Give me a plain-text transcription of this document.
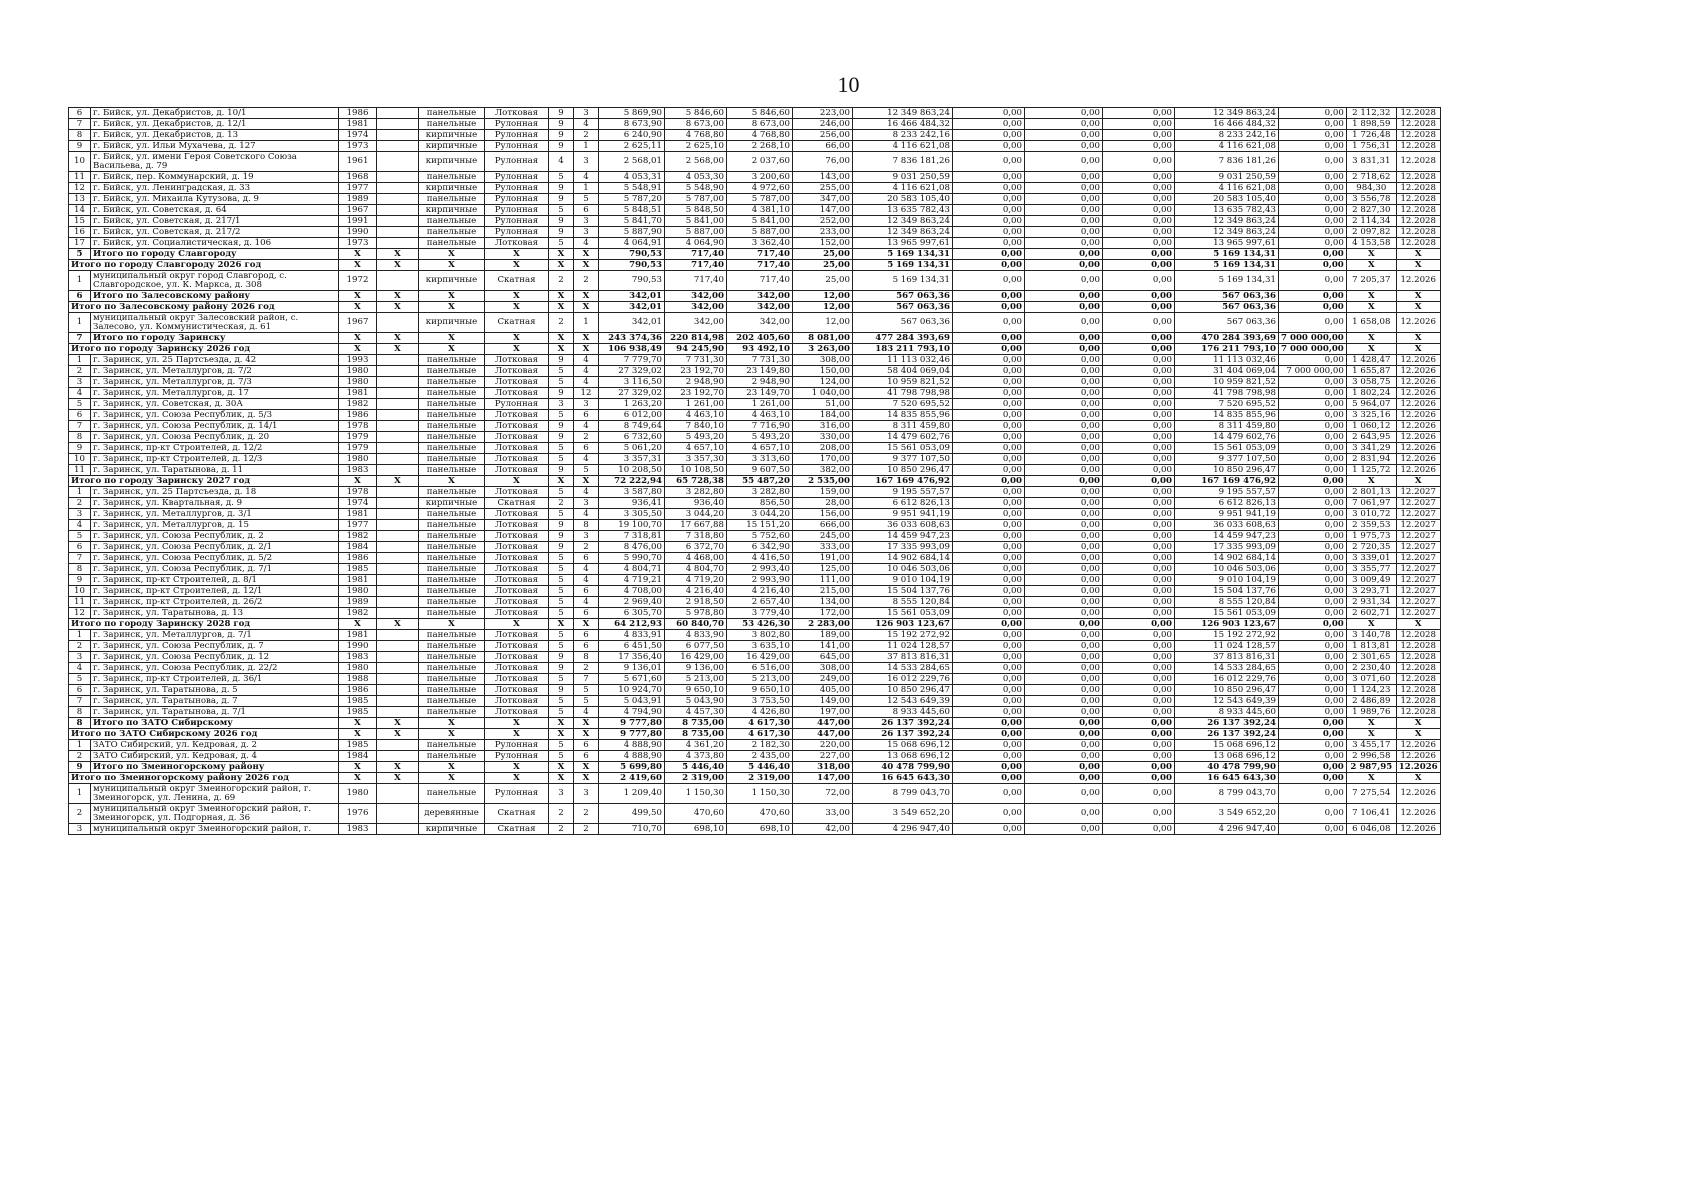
10
6	г. Бийск, ул. Декабристов, д. 10/1	1986		панельные	Лотковая	9	3	5 869,90	5 846,60	5 846,60	223,00	12 349 863,24	0,00	0,00	0,00	12 349 863,24	0,00	2 112,32	12.2028
7	г. Бийск, ул. Декабристов, д. 12/1	1981		панельные	Рулонная	9	4	8 673,90	8 673,00	8 673,00	246,00	16 466 484,32	0,00	0,00	0,00	16 466 484,32	0,00	1 898,59	12.2028
8	г. Бийск, ул. Декабристов, д. 13	1974		кирпичные	Рулонная	9	2	6 240,90	4 768,80	4 768,80	256,00	8 233 242,16	0,00	0,00	0,00	8 233 242,16	0,00	1 726,48	12.2028
9	г. Бийск, ул. Ильи Мухачева, д. 127	1973		кирпичные	Рулонная	9	1	2 625,11	2 625,10	2 268,10	66,00	4 116 621,08	0,00	0,00	0,00	4 116 621,08	0,00	1 756,31	12.2028
10	г. Бийск, ул. имени Героя Советского Союза Васильева, д. 79	1961		кирпичные	Рулонная	4	3	2 568,01	2 568,00	2 037,60	76,00	7 836 181,26	0,00	0,00	0,00	7 836 181,26	0,00	3 831,31	12.2028
11	г. Бийск, пер. Коммунарский, д. 19	1968		панельные	Рулонная	5	4	4 053,31	4 053,30	3 200,60	143,00	9 031 250,59	0,00	0,00	0,00	9 031 250,59	0,00	2 718,62	12.2028
12	г. Бийск, ул. Ленинградская, д. 33	1977		кирпичные	Рулонная	9	1	5 548,91	5 548,90	4 972,60	255,00	4 116 621,08	0,00	0,00	0,00	4 116 621,08	0,00	984,30	12.2028
13	г. Бийск, ул. Михаила Кутузова, д. 9	1989		панельные	Рулонная	9	5	5 787,20	5 787,00	5 787,00	347,00	20 583 105,40	0,00	0,00	0,00	20 583 105,40	0,00	3 556,78	12.2028
14	г. Бийск, ул. Советская, д. 64	1967		кирпичные	Рулонная	5	6	5 848,51	5 848,50	4 381,10	147,00	13 635 782,43	0,00	0,00	0,00	13 635 782,43	0,00	2 827,30	12.2028
15	г. Бийск, ул. Советская, д. 217/1	1991		панельные	Рулонная	9	3	5 841,70	5 841,00	5 841,00	252,00	12 349 863,24	0,00	0,00	0,00	12 349 863,24	0,00	2 114,34	12.2028
16	г. Бийск, ул. Советская, д. 217/2	1990		панельные	Рулонная	9	3	5 887,90	5 887,00	5 887,00	233,00	12 349 863,24	0,00	0,00	0,00	12 349 863,24	0,00	2 097,82	12.2028
17	г. Бийск, ул. Социалистическая, д. 106	1973		панельные	Лотковая	5	4	4 064,91	4 064,90	3 362,40	152,00	13 965 997,61	0,00	0,00	0,00	13 965 997,61	0,00	4 153,58	12.2028
5	Итого по городу Славгороду	X	X	X	X	X	X	790,53	717,40	717,40	25,00	5 169 134,31	0,00	0,00	0,00	5 169 134,31	0,00	X	X
Итого по городу Славгороду 2026 год		X	X	X	X	X	X	790,53	717,40	717,40	25,00	5 169 134,31	0,00	0,00	0,00	5 169 134,31	0,00	X	X
1	муниципальный округ город Славгород, с. Славгородское, ул. К. Маркса, д. 308	1972		кирпичные	Скатная	2	2	790,53	717,40	717,40	25,00	5 169 134,31	0,00	0,00	0,00	5 169 134,31	0,00	7 205,37	12.2026
6	Итого по Залесовскому району	X	X	X	X	X	X	342,01	342,00	342,00	12,00	567 063,36	0,00	0,00	0,00	567 063,36	0,00	X	X
Итого по Залесовскому району 2026 год		X	X	X	X	X	X	342,01	342,00	342,00	12,00	567 063,36	0,00	0,00	0,00	567 063,36	0,00	X	X
1	муниципальный округ Залесовский район, с. Залесово, ул. Коммунистическая, д. 61	1967		кирпичные	Скатная	2	1	342,01	342,00	342,00	12,00	567 063,36	0,00	0,00	0,00	567 063,36	0,00	1 658,08	12.2026
7	Итого по городу Заринску	X	X	X	X	X	X	243 374,36	220 814,98	202 405,60	8 081,00	477 284 393,69	0,00	0,00	0,00	470 284 393,69	7 000 000,00	X	X
Итого по городу Заринску 2026 год		X	X	X	X	X	X	106 938,49	94 245,90	93 492,10	3 263,00	183 211 793,10	0,00	0,00	0,00	176 211 793,10	7 000 000,00	X	X
1	г. Заринск, ул. 25 Партсъезда, д. 42	1993		панельные	Лотковая	9	4	7 779,70	7 731,30	7 731,30	308,00	11 113 032,46	0,00	0,00	0,00	11 113 032,46	0,00	1 428,47	12.2026
2	г. Заринск, ул. Металлургов, д. 7/2	1980		панельные	Лотковая	5	4	27 329,02	23 192,70	23 149,80	150,00	58 404 069,04	0,00	0,00	0,00	31 404 069,04	7 000 000,00	1 655,87	12.2026
3	г. Заринск, ул. Металлургов, д. 7/3	1980		панельные	Лотковая	5	4	3 116,50	2 948,90	2 948,90	124,00	10 959 821,52	0,00	0,00	0,00	10 959 821,52	0,00	3 058,75	12.2026
4	г. Заринск, ул. Металлургов, д. 17	1981		панельные	Лотковая	9	12	27 329,02	23 192,70	23 149,70	1 040,00	41 798 798,98	0,00	0,00	0,00	41 798 798,98	0,00	1 802,24	12.2026
5	г. Заринск, ул. Советская, д. 30А	1982		панельные	Рулонная	3	3	1 263,20	1 261,00	1 261,00	51,00	7 520 695,52	0,00	0,00	0,00	7 520 695,52	0,00	5 964,07	12.2026
6	г. Заринск, ул. Союза Республик, д. 5/3	1986		панельные	Лотковая	5	6	6 012,00	4 463,10	4 463,10	184,00	14 835 855,96	0,00	0,00	0,00	14 835 855,96	0,00	3 325,16	12.2026
7	г. Заринск, ул. Союза Республик, д. 14/1	1978		панельные	Лотковая	9	4	8 749,64	7 840,10	7 716,90	316,00	8 311 459,80	0,00	0,00	0,00	8 311 459,80	0,00	1 060,12	12.2026
8	г. Заринск, ул. Союза Республик, д. 20	1979		панельные	Лотковая	9	2	6 732,60	5 493,20	5 493,20	330,00	14 479 602,76	0,00	0,00	0,00	14 479 602,76	0,00	2 643,95	12.2026
9	г. Заринск, пр-кт Строителей, д. 12/2	1979		панельные	Лотковая	5	6	5 061,20	4 657,10	4 657,10	208,00	15 561 053,09	0,00	0,00	0,00	15 561 053,09	0,00	3 341,29	12.2026
10	г. Заринск, пр-кт Строителей, д. 12/3	1980		панельные	Лотковая	5	4	3 357,31	3 357,30	3 313,60	170,00	9 377 107,50	0,00	0,00	0,00	9 377 107,50	0,00	2 831,94	12.2026
11	г. Заринск, ул. Таратынова, д. 11	1983		панельные	Лотковая	9	5	10 208,50	10 108,50	9 607,50	382,00	10 850 296,47	0,00	0,00	0,00	10 850 296,47	0,00	1 125,72	12.2026
Итого по городу Заринску 2027 год		X	X	X	X	X	X	72 222,94	65 728,38	55 487,20	2 535,00	167 169 476,92	0,00	0,00	0,00	167 169 476,92	0,00	X	X
1	г. Заринск, ул. 25 Партсъезда, д. 18	1978		панельные	Лотковая	5	4	3 587,80	3 282,80	3 282,80	159,00	9 195 557,57	0,00	0,00	0,00	9 195 557,57	0,00	2 801,13	12.2027
2	г. Заринск, ул. Квартальная, д. 9	1974		кирпичные	Скатная	2	3	936,41	936,40	856,50	28,00	6 612 826,13	0,00	0,00	0,00	6 612 826,13	0,00	7 061,97	12.2027
3	г. Заринск, ул. Металлургов, д. 3/1	1981		панельные	Лотковая	5	4	3 305,50	3 044,20	3 044,20	156,00	9 951 941,19	0,00	0,00	0,00	9 951 941,19	0,00	3 010,72	12.2027
4	г. Заринск, ул. Металлургов, д. 15	1977		панельные	Лотковая	9	8	19 100,70	17 667,88	15 151,20	666,00	36 033 608,63	0,00	0,00	0,00	36 033 608,63	0,00	2 359,53	12.2027
5	г. Заринск, ул. Союза Республик, д. 2	1982		панельные	Лотковая	9	3	7 318,81	7 318,80	5 752,60	245,00	14 459 947,23	0,00	0,00	0,00	14 459 947,23	0,00	1 975,73	12.2027
6	г. Заринск, ул. Союза Республик, д. 2/1	1984		панельные	Лотковая	9	2	8 476,00	6 372,70	6 342,90	333,00	17 335 993,09	0,00	0,00	0,00	17 335 993,09	0,00	2 720,35	12.2027
7	г. Заринск, ул. Союза Республик, д. 5/2	1986		панельные	Лотковая	5	6	5 990,70	4 468,00	4 416,50	191,00	14 902 684,14	0,00	0,00	0,00	14 902 684,14	0,00	3 339,01	12.2027
8	г. Заринск, ул. Союза Республик, д. 7/1	1985		панельные	Лотковая	5	4	4 804,71	4 804,70	2 993,40	125,00	10 046 503,06	0,00	0,00	0,00	10 046 503,06	0,00	3 355,77	12.2027
9	г. Заринск, пр-кт Строителей, д. 8/1	1981		панельные	Лотковая	5	4	4 719,21	4 719,20	2 993,90	111,00	9 010 104,19	0,00	0,00	0,00	9 010 104,19	0,00	3 009,49	12.2027
10	г. Заринск, пр-кт Строителей, д. 12/1	1980		панельные	Лотковая	5	6	4 708,00	4 216,40	4 216,40	215,00	15 504 137,76	0,00	0,00	0,00	15 504 137,76	0,00	3 293,71	12.2027
11	г. Заринск, пр-кт Строителей, д. 26/2	1989		панельные	Лотковая	5	4	2 969,40	2 918,50	2 657,40	134,00	8 555 120,84	0,00	0,00	0,00	8 555 120,84	0,00	2 931,34	12.2027
12	г. Заринск, ул. Таратынова, д. 13	1982		панельные	Лотковая	5	6	6 305,70	5 978,80	3 779,40	172,00	15 561 053,09	0,00	0,00	0,00	15 561 053,09	0,00	2 602,71	12.2027
Итого по городу Заринску 2028 год		X	X	X	X	X	X	64 212,93	60 840,70	53 426,30	2 283,00	126 903 123,67	0,00	0,00	0,00	126 903 123,67	0,00	X	X
1	г. Заринск, ул. Металлургов, д. 7/1	1981		панельные	Лотковая	5	6	4 833,91	4 833,90	3 802,80	189,00	15 192 272,92	0,00	0,00	0,00	15 192 272,92	0,00	3 140,78	12.2028
2	г. Заринск, ул. Союза Республик, д. 7	1990		панельные	Лотковая	5	6	6 451,50	6 077,50	3 635,10	141,00	11 024 128,57	0,00	0,00	0,00	11 024 128,57	0,00	1 813,81	12.2028
3	г. Заринск, ул. Союза Республик, д. 12	1983		панельные	Лотковая	9	8	17 356,40	16 429,00	16 429,00	645,00	37 813 816,31	0,00	0,00	0,00	37 813 816,31	0,00	2 301,65	12.2028
4	г. Заринск, ул. Союза Республик, д. 22/2	1980		панельные	Лотковая	9	2	9 136,01	9 136,00	6 516,00	308,00	14 533 284,65	0,00	0,00	0,00	14 533 284,65	0,00	2 230,40	12.2028
5	г. Заринск, пр-кт Строителей, д. 36/1	1988		панельные	Лотковая	5	7	5 671,60	5 213,00	5 213,00	249,00	16 012 229,76	0,00	0,00	0,00	16 012 229,76	0,00	3 071,60	12.2028
6	г. Заринск, ул. Таратынова, д. 5	1986		панельные	Лотковая	9	5	10 924,70	9 650,10	9 650,10	405,00	10 850 296,47	0,00	0,00	0,00	10 850 296,47	0,00	1 124,23	12.2028
7	г. Заринск, ул. Таратынова, д. 7	1985		панельные	Лотковая	5	5	5 043,91	5 043,90	3 753,50	149,00	12 543 649,39	0,00	0,00	0,00	12 543 649,39	0,00	2 486,89	12.2028
8	г. Заринск, ул. Таратынова, д. 7/1	1985		панельные	Лотковая	5	4	4 794,90	4 457,30	4 426,80	197,00	8 933 445,60	0,00	0,00	0,00	8 933 445,60	0,00	1 989,76	12.2028
8	Итого по ЗАТО Сибирскому	X	X	X	X	X	X	9 777,80	8 735,00	4 617,30	447,00	26 137 392,24	0,00	0,00	0,00	26 137 392,24	0,00	X	X
Итого по ЗАТО Сибирскому 2026 год		X	X	X	X	X	X	9 777,80	8 735,00	4 617,30	447,00	26 137 392,24	0,00	0,00	0,00	26 137 392,24	0,00	X	X
1	ЗАТО Сибирский, ул. Кедровая, д. 2	1985		панельные	Рулонная	5	6	4 888,90	4 361,20	2 182,30	220,00	15 068 696,12	0,00	0,00	0,00	15 068 696,12	0,00	3 455,17	12.2026
2	ЗАТО Сибирский, ул. Кедровая, д. 4	1984		панельные	Рулонная	5	6	4 888,90	4 373,80	2 435,00	227,00	13 068 696,12	0,00	0,00	0,00	13 068 696,12	0,00	2 996,58	12.2026
9	Итого по Змеиногорскому району	X	X	X	X	X	X	5 699,80	5 446,40	5 446,40	318,00	40 478 799,90	0,00	0,00	0,00	40 478 799,90	0,00	2 987,95	12.2026
Итого по Змеиногорскому району 2026 год		X	X	X	X	X	X	2 419,60	2 319,00	2 319,00	147,00	16 645 643,30	0,00	0,00	0,00	16 645 643,30	0,00	X	X
1	муниципальный округ Змеиногорский район, г. Змеиногорск, ул. Ленина, д. 69	1980		панельные	Рулонная	3	3	1 209,40	1 150,30	1 150,30	72,00	8 799 043,70	0,00	0,00	0,00	8 799 043,70	0,00	7 275,54	12.2026
2	муниципальный округ Змеиногорский район, г. Змеиногорск, ул. Подгорная, д. 36	1976		деревянные	Скатная	2	2	499,50	470,60	470,60	33,00	3 549 652,20	0,00	0,00	0,00	3 549 652,20	0,00	7 106,41	12.2026
3	муниципальный округ Змеиногорский район, г.	1983		кирпичные	Скатная	2	2	710,70	698,10	698,10	42,00	4 296 947,40	0,00	0,00	0,00	4 296 947,40	0,00	6 046,08	12.2026
